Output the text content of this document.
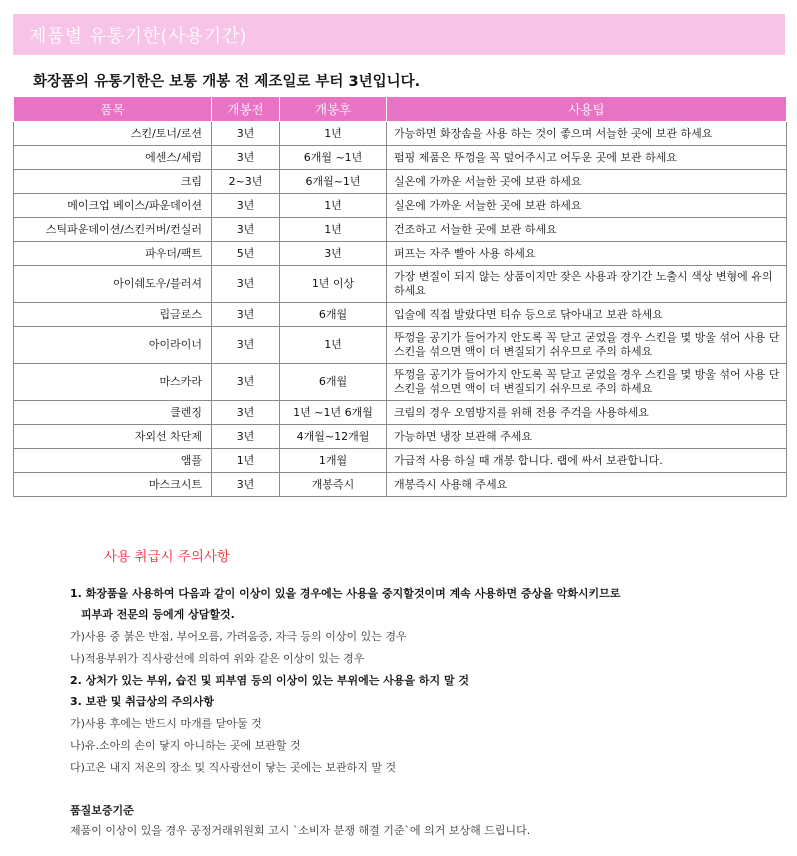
제품별 유통기한(사용기간)
화장품의 유통기한은 보통 개봉 전 제조일로 부터 3년입니다.
품목	개봉전	개봉후	사용팁
스킨/토너/로션	3년	1년	가능하면 화장솜을 사용 하는 것이 좋으며 서늘한 곳에 보관 하세요
에센스/세럼	3년	6개월 ~1년	펌핑 제품은 뚜껑을 꼭 덮어주시고 어두운 곳에 보관 하세요
크림	2~3년	6개월~1년	실온에 가까운 서늘한 곳에 보관 하세요
메이크업 베이스/파운데이션	3년	1년	실온에 가까운 서늘한 곳에 보관 하세요
스틱파운데이션/스킨커버/컨실러	3년	1년	건조하고 서늘한 곳에 보관 하세요
파우더/팩트	5년	3년	퍼프는 자주 빨아 사용 하세요
아이쉐도우/블러셔	3년	1년 이상	가장 변질이 되지 않는 상품이지만 잦은 사용과 장기간 노출시 색상 변형에 유의 하세요
립글로스	3년	6개월	입술에 직접 발랐다면 티슈 등으로 닦아내고 보관 하세요
아이라이너	3년	1년	뚜껑을 공기가 들어가지 안도록 꼭 닫고 굳었을 경우 스킨을 몇 방울 섞어 사용 단 스킨을 섞으면 액이 더 변질되기 쉬우므로 주의 하세요
마스카라	3년	6개월	뚜껑을 공기가 들어가지 안도록 꼭 닫고 굳었을 경우 스킨을 몇 방울 섞어 사용 단 스킨을 섞으면 액이 더 변질되기 쉬우므로 주의 하세요
클렌징	3년	1년 ~1년 6개월	크림의 경우 오염방지를 위해 전용 주걱을 사용하세요
자외선 차단제	3년	4개월~12개월	가능하면 냉장 보관해 주세요
앰플	1년	1개월	가급적 사용 하실 때 개봉 합니다. 랩에 싸서 보관합니다.
마스크시트	3년	개봉즉시	개봉즉시 사용해 주세요
사용 취급시 주의사항
1. 화장품을 사용하여 다음과 같이 이상이 있을 경우에는 사용을 중지할것이며 계속 사용하면 증상을 악화시키므로
피부과 전문의 등에게 상담할것.
가)사용 중 붉은 반점, 부어오름, 가려움증, 자극 등의 이상이 있는 경우
나)적용부위가 직사광선에 의하여 위와 같은 이상이 있는 경우
2. 상처가 있는 부위, 습진 및 피부염 등의 이상이 있는 부위에는 사용을 하지 말 것
3. 보관 및 취급상의 주의사항
가)사용 후에는 반드시 마개를 닫아둘 것
나)유.소아의 손이 닿지 아니하는 곳에 보관할 것
다)고온 내지 저온의 장소 및 직사광선이 닿는 곳에는 보관하지 말 것
품질보증기준
제품이 이상이 있을 경우 공정거래위원회 고시 `소비자 분쟁 해결 기준`에 의거 보상해 드립니다.
